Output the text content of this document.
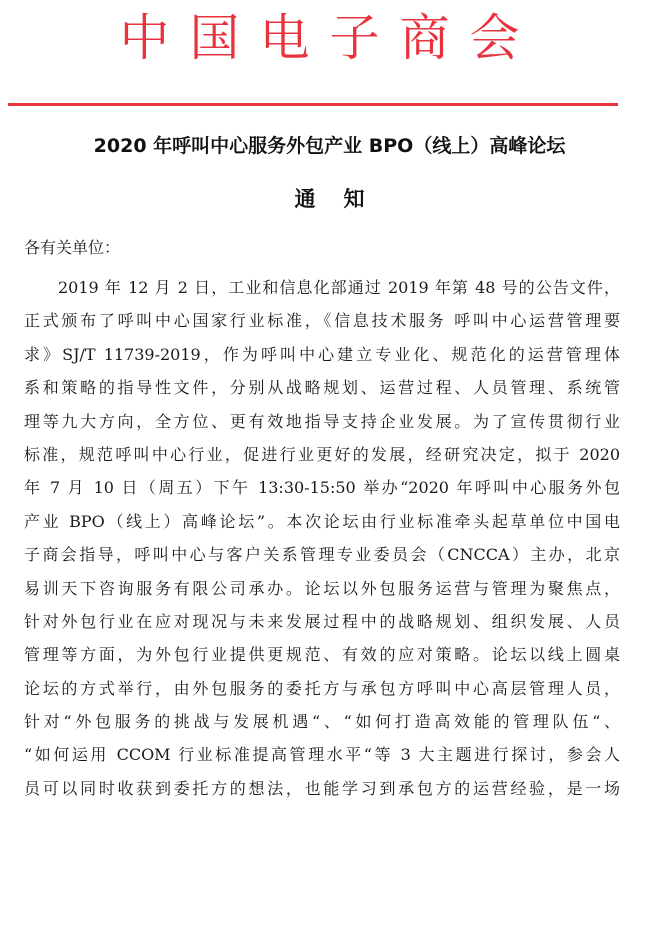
中国电子商会
2020 年呼叫中心服务外包产业 BPO（线上）高峰论坛
通知

各有关单位：

2019 年 12 月 2 日，工业和信息化部通过 2019 年第 48 号的公告文件，
正式颁布了呼叫中心国家行业标准，《信息技术服务 呼叫中心运营管理要
求》SJ/T 11739-2019，作为呼叫中心建立专业化、规范化的运营管理体
系和策略的指导性文件，分别从战略规划、运营过程、人员管理、系统管
理等九大方向，全方位、更有效地指导支持企业发展。为了宣传贯彻行业
标准，规范呼叫中心行业，促进行业更好的发展，经研究决定，拟于 2020
年 7 月 10 日（周五）下午 13:30-15:50 举办“2020 年呼叫中心服务外包
产业 BPO（线上）高峰论坛”。本次论坛由行业标准牵头起草单位中国电
子商会指导，呼叫中心与客户关系管理专业委员会（CNCCA）主办，北京
易训天下咨询服务有限公司承办。论坛以外包服务运营与管理为聚焦点，
针对外包行业在应对现况与未来发展过程中的战略规划、组织发展、人员
管理等方面，为外包行业提供更规范、有效的应对策略。论坛以线上圆桌
论坛的方式举行，由外包服务的委托方与承包方呼叫中心高层管理人员，
针对“外包服务的挑战与发展机遇“、“如何打造高效能的管理队伍“、
“如何运用 CCOM 行业标准提高管理水平“等 3 大主题进行探讨，参会人
员可以同时收获到委托方的想法，也能学习到承包方的运营经验，是一场
